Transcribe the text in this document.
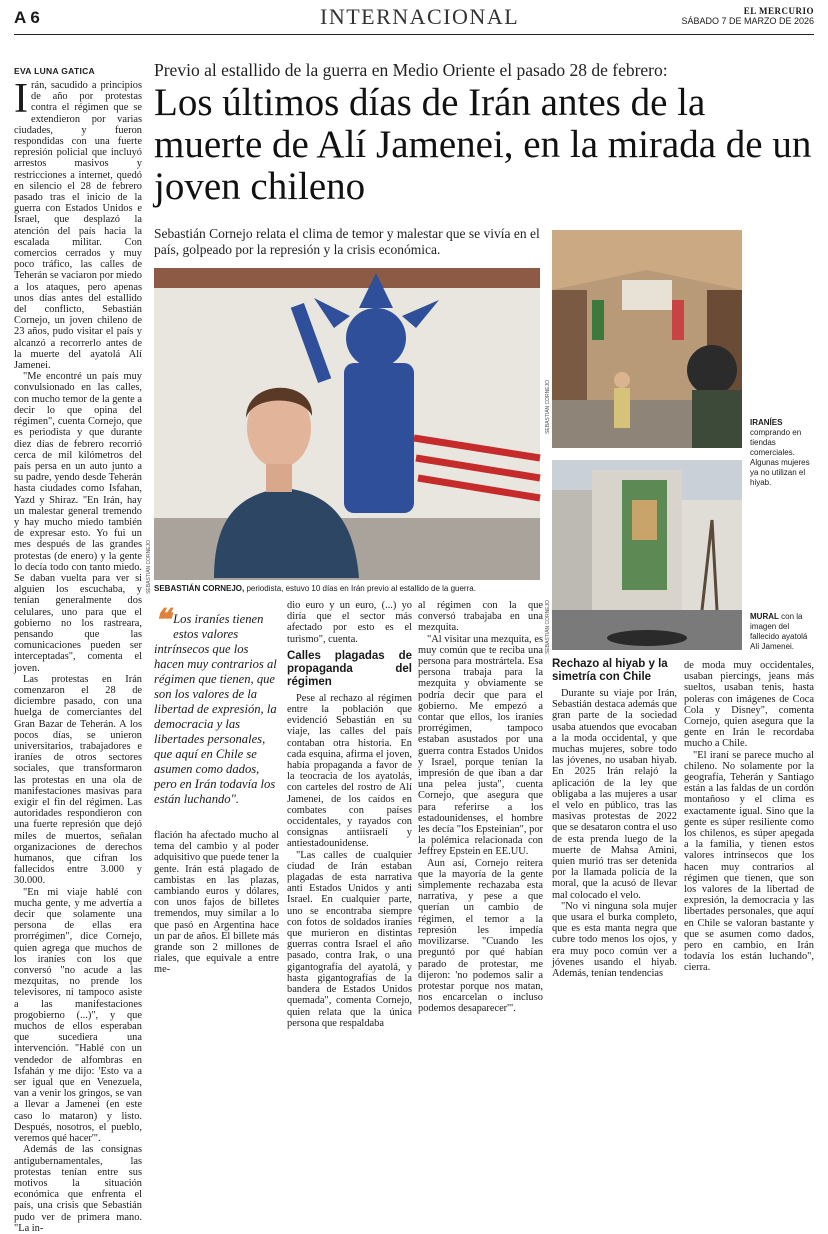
A 6	INTERNACIONAL	EL MERCURIO
SÁBADO 7 DE MARZO DE 2026
EVA LUNA GATICA	Previo al estallido de la guerra en Medio Oriente el pasado 28 de febrero:
Los últimos días de Irán antes de la muerte de Alí Jamenei, en la mirada de un joven chileno
Sebastián Cornejo relata el clima de temor y malestar que se vivía en el país, golpeado por la represión y la crisis económica.

Irán, sacudido a principios de año por protestas contra el régimen que se extendieron por varias ciudades, y fueron respondidas con una fuerte represión policial que incluyó arrestos masivos y restricciones a internet, quedó en silencio el 28 de febrero pasado tras el inicio de la guerra con Estados Unidos e Israel, que desplazó la atención del país hacia la escalada militar. Con comercios cerrados y muy poco tráfico, las calles de Teherán se vaciaron por miedo a los ataques, pero apenas unos días antes del estallido del conflicto, Sebastián Cornejo, un joven chileno de 23 años, pudo visitar el país y alcanzó a recorrerlo antes de la muerte del ayatolá Alí Jamenei.

"Me encontré un país muy convulsionado en las calles, con mucho temor de la gente a decir lo que opina del régimen", cuenta Cornejo, que es periodista y que durante diez días de febrero recorrió cerca de mil kilómetros del país persa en un auto junto a su padre, yendo desde Teherán hasta ciudades como Isfahan, Yazd y Shiraz. "En Irán, hay un malestar general tremendo y hay mucho miedo también de expresar esto. Yo fui un mes después de las grandes protestas (de enero) y la gente lo decía todo con tanto miedo. Se daban vuelta para ver si alguien los escuchaba, y tenían generalmente dos celulares, uno para que el gobierno no los rastreara, pensando que las comunicaciones pueden ser interceptadas", comenta el joven.

Las protestas en Irán comenzaron el 28 de diciembre pasado, con una huelga de comerciantes del Gran Bazar de Teherán. A los pocos días, se unieron universitarios, trabajadores e iraníes de otros sectores sociales, que transformaron las protestas en una ola de manifestaciones masivas para exigir el fin del régimen. Las autoridades respondieron con una fuerte represión que dejó miles de muertos, señalan organizaciones de derechos humanos, que cifran los fallecidos entre 3.000 y 30.000.

"En mi viaje hablé con mucha gente, y me advertía a decir que solamente una persona de ellas era prorrégimen", dice Cornejo, quien agrega que muchos de los iraníes con los que conversó "no acude a las mezquitas, no prende los televisores, ni tampoco asiste a las manifestaciones progobierno (...)", y que muchos de ellos esperaban que sucediera una intervención. "Hablé con un vendedor de alfombras en Isfahán y me dijo: 'Esto va a ser igual que en Venezuela, van a venir los gringos, se van a llevar a Jamenei (en este caso lo mataron) y listo. Después, nosotros, el pueblo, veremos qué hacer'".

Además de las consignas antigubernamentales, las protestas tenían entre sus motivos la situación económica que enfrenta el país, una crisis que Sebastián pudo ver de primera mano. "La in-

SEBASTIÁN CORNEJO SEBASTIÁN CORNEJO, periodista, estuvo 10 días en Irán previo al estallido de la guerra.
SEBASTIÁN CORNEJO	IRANÍES comprando en tiendas comerciales. Algunas mujeres ya no utilizan el hiyab.
SEBASTIÁN CORNEJO	MURAL con la imagen del fallecido ayatolá Alí Jamenei.
❝ Los iraníes tienen estos valores intrínsecos que los hacen muy contrarios al régimen que tienen, que son los valores de la libertad de expresión, la democracia y las libertades personales, que aquí en Chile se asumen como dados, pero en Irán todavía los están luchando".

flación ha afectado mucho al tema del cambio y al poder adquisitivo que puede tener la gente. Irán está plagado de cambistas en las plazas, cambiando euros y dólares, con unos fajos de billetes tremendos, muy similar a lo que pasó en Argentina hace un par de años. El billete más grande son 2 millones de riales, que equivale a entre me-

dio euro y un euro, (...) yo diría que el sector más afectado por esto es el turismo", cuenta.

Calles plagadas de propaganda del régimen

Pese al rechazo al régimen entre la población que evidenció Sebastián en su viaje, las calles del país contaban otra historia. En cada esquina, afirma el joven, había propaganda a favor de la teocracia de los ayatolás, con carteles del rostro de Alí Jamenei, de los caídos en combates con países occidentales, y rayados con consignas antiisraelí y antiestadounidense.

"Las calles de cualquier ciudad de Irán estaban plagadas de esta narrativa anti Estados Unidos y anti Israel. En cualquier parte, uno se encontraba siempre con fotos de soldados iraníes que murieron en distintas guerras contra Israel el año pasado, contra Irak, o una gigantografía del ayatolá, y hasta gigantografías de la bandera de Estados Unidos quemada", comenta Cornejo, quien relata que la única persona que respaldaba

al régimen con la que conversó trabajaba en una mezquita.

"Al visitar una mezquita, es muy común que te reciba una persona para mostrártela. Esa persona trabaja para la mezquita y obviamente se podría decir que para el gobierno. Me empezó a contar que ellos, los iraníes prorrégimen, tampoco estaban asustados por una guerra contra Estados Unidos y Israel, porque tenían la impresión de que iban a dar una pelea justa", cuenta Cornejo, que asegura que para referirse a los estadounidenses, el hombre les decía "los Epsteinian", por la polémica relacionada con Jeffrey Epstein en EE.UU.

Aun así, Cornejo reitera que la mayoría de la gente simplemente rechazaba esta narrativa, y pese a que querían un cambio de régimen, el temor a la represión les impedía movilizarse. "Cuando les preguntó por qué habían parado de protestar, me dijeron: 'no podemos salir a protestar porque nos matan, nos encarcelan o incluso podemos desaparecer'".

Rechazo al hiyab y la simetría con Chile

Durante su viaje por Irán, Sebastián destaca además que gran parte de la sociedad usaba atuendos que evocaban a la moda occidental, y que muchas mujeres, sobre todo las jóvenes, no usaban hiyab. En 2025 Irán relajó la aplicación de la ley que obligaba a las mujeres a usar el velo en público, tras las masivas protestas de 2022 que se desataron contra el uso de esta prenda luego de la muerte de Mahsa Amini, quien murió tras ser detenida por la llamada policía de la moral, que la acusó de llevar mal colocado el velo.

"No vi ninguna sola mujer que usara el burka completo, que es esta manta negra que cubre todo menos los ojos, y era muy poco común ver a jóvenes usando el hiyab. Además, tenían tendencias

de moda muy occidentales, usaban piercings, jeans más sueltos, usaban tenis, hasta poleras con imágenes de Coca Cola y Disney", comenta Cornejo, quien asegura que la gente en Irán le recordaba mucho a Chile.

"El iraní se parece mucho al chileno. No solamente por la geografía, Teherán y Santiago están a las faldas de un cordón montañoso y el clima es exactamente igual. Sino que la gente es súper resiliente como los chilenos, es súper apegada a la familia, y tienen estos valores intrínsecos que los hacen muy contrarios al régimen que tienen, que son los valores de la libertad de expresión, la democracia y las libertades personales, que aquí en Chile se valoran bastante y que se asumen como dados, pero en cambio, en Irán todavía los están luchando", cierra.
